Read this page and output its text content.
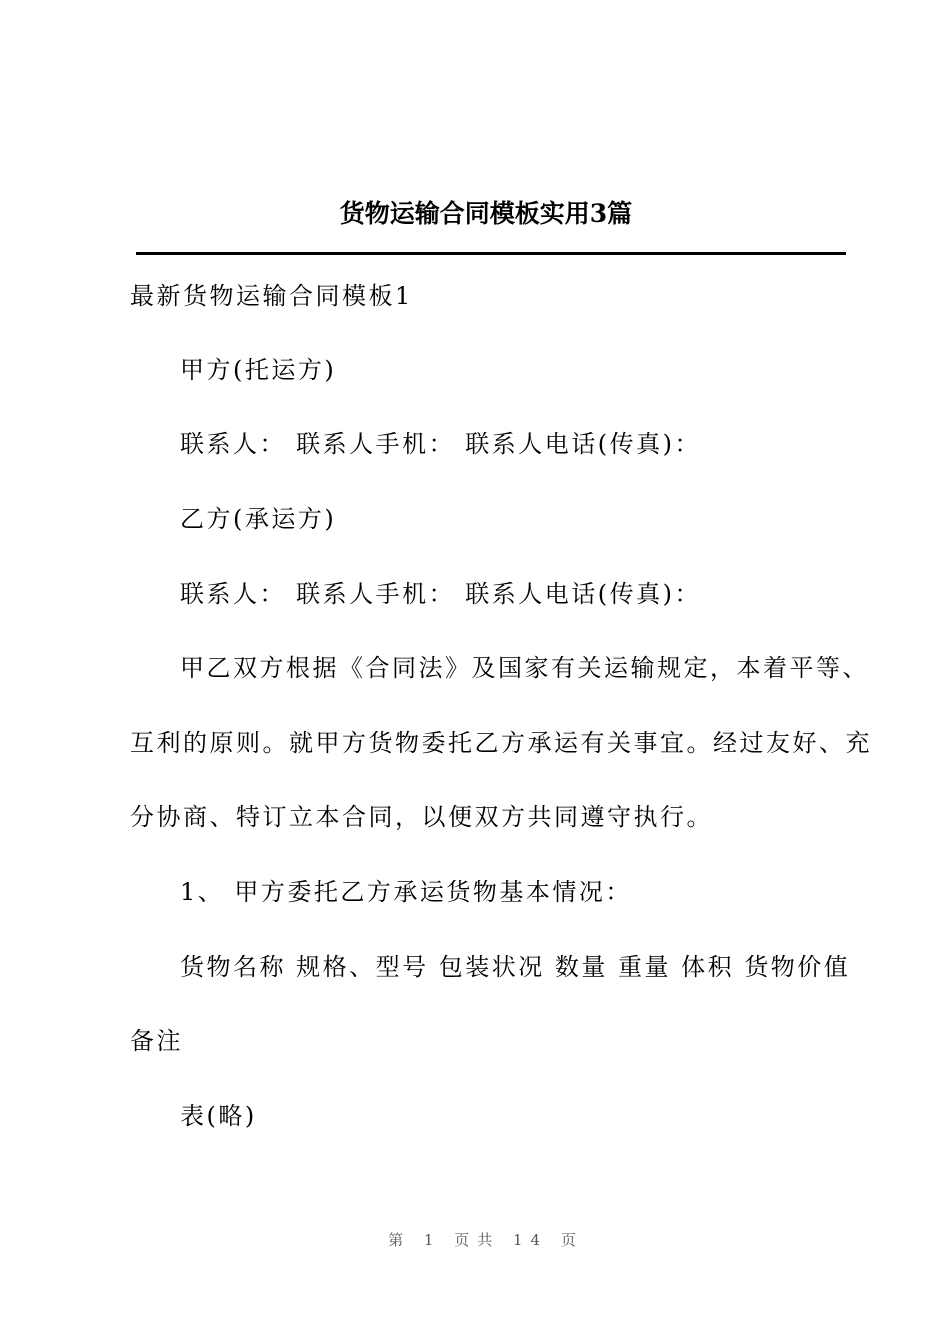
货物运输合同模板实用3篇
最新货物运输合同模板1
甲方(托运方)
联系人： 联系人手机： 联系人电话(传真)：
乙方(承运方)
联系人： 联系人手机： 联系人电话(传真)：
甲乙双方根据《合同法》及国家有关运输规定，本着平等、
互利的原则。就甲方货物委托乙方承运有关事宜。经过友好、充
分协商、特订立本合同，以便双方共同遵守执行。
1、 甲方委托乙方承运货物基本情况：
货物名称 规格、型号 包装状况 数量 重量 体积 货物价值
备注
表(略)
第 1 页共 14 页
